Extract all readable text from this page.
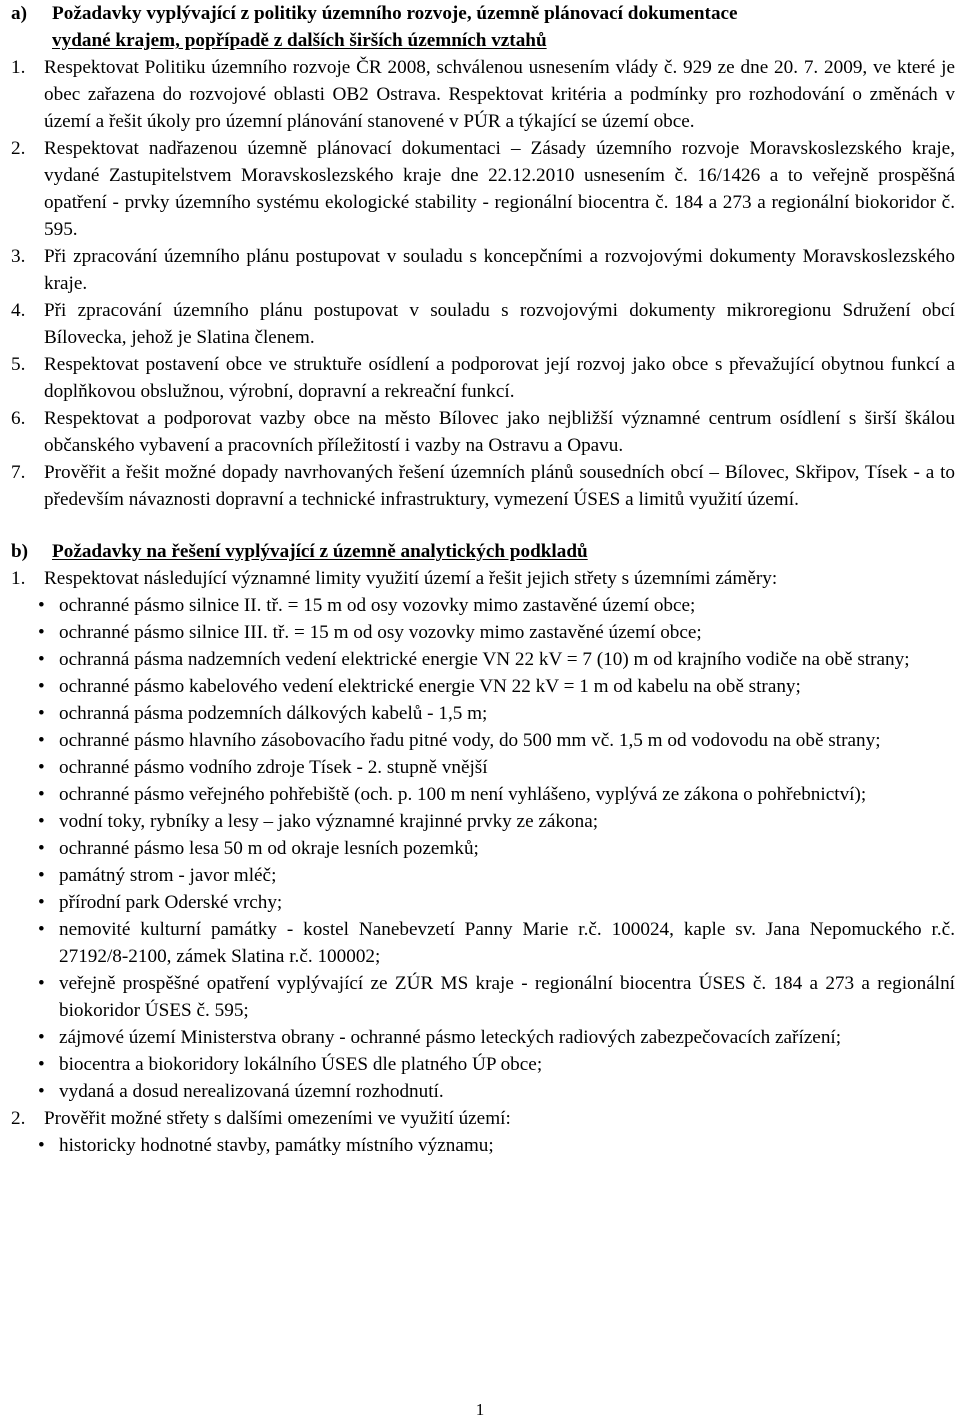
a)	Požadavky vyplývající z politiky územního rozvoje, územně plánovací dokumentace
vydané krajem, popřípadě z dalších širších územních vztahů
1. Respektovat Politiku územního rozvoje ČR 2008, schválenou usnesením vlády č. 929 ze dne 20. 7. 2009, ve které je obec zařazena do rozvojové oblasti OB2 Ostrava. Respektovat kritéria a podmínky pro rozhodování o změnách v území a řešit úkoly pro územní plánování stanovené v PÚR a týkající se území obce.
2. Respektovat nadřazenou územně plánovací dokumentaci – Zásady územního rozvoje Moravskoslezského kraje, vydané Zastupitelstvem Moravskoslezského kraje dne 22.12.2010 usnesením č. 16/1426 a to veřejně prospěšná opatření - prvky územního systému ekologické stability - regionální biocentra č. 184 a 273 a regionální biokoridor č. 595.
3. Při zpracování územního plánu postupovat v souladu s koncepčními a rozvojovými dokumenty Moravskoslezského kraje.
4. Při zpracování územního plánu postupovat v souladu s rozvojovými dokumenty mikroregionu Sdružení obcí Bílovecka, jehož je Slatina členem.
5. Respektovat postavení obce ve struktuře osídlení a podporovat její rozvoj jako obce s převažující obytnou funkcí a doplňkovou obslužnou, výrobní, dopravní a rekreační funkcí.
6. Respektovat a podporovat vazby obce na město Bílovec jako nejbližší významné centrum osídlení s širší škálou občanského vybavení a pracovních příležitostí i vazby na Ostravu a Opavu.
7. Prověřit a řešit možné dopady navrhovaných řešení územních plánů sousedních obcí – Bílovec, Skřipov, Tísek - a to především návaznosti dopravní a technické infrastruktury, vymezení ÚSES a limitů využití území.
b)	Požadavky na řešení vyplývající z územně analytických podkladů
1. Respektovat následující významné limity využití území a řešit jejich střety s územními záměry:
• ochranné pásmo silnice II. tř. = 15 m od osy vozovky mimo zastavěné území obce;
• ochranné pásmo silnice III. tř. = 15 m od osy vozovky mimo zastavěné území obce;
• ochranná pásma nadzemních vedení elektrické energie VN 22 kV = 7 (10) m od krajního vodiče na obě strany;
• ochranné pásmo kabelového vedení elektrické energie VN 22 kV = 1 m od kabelu na obě strany;
• ochranná pásma podzemních dálkových kabelů - 1,5 m;
• ochranné pásmo hlavního zásobovacího řadu pitné vody, do 500 mm vč. 1,5 m od vodovodu na obě strany;
• ochranné pásmo vodního zdroje Tísek - 2. stupně vnější
• ochranné pásmo veřejného pohřebiště (och. p. 100 m není vyhlášeno, vyplývá ze zákona o pohřebnictví);
• vodní toky, rybníky a lesy – jako významné krajinné prvky ze zákona;
• ochranné pásmo lesa 50 m od okraje lesních pozemků;
• památný strom - javor mléč;
• přírodní park Oderské vrchy;
• nemovité kulturní památky - kostel Nanebevzetí Panny Marie r.č. 100024, kaple sv. Jana Nepomuckého r.č. 27192/8-2100, zámek Slatina r.č. 100002;
• veřejně prospěšné opatření vyplývající ze ZÚR MS kraje - regionální biocentra ÚSES č. 184 a 273 a regionální biokoridor ÚSES č. 595;
• zájmové území Ministerstva obrany - ochranné pásmo leteckých radiových zabezpečovacích zařízení;
• biocentra a biokoridory lokálního ÚSES dle platného ÚP obce;
• vydaná a dosud nerealizovaná územní rozhodnutí.
2. Prověřit možné střety s dalšími omezeními ve využití území:
• historicky hodnotné stavby, památky místního významu;
1
